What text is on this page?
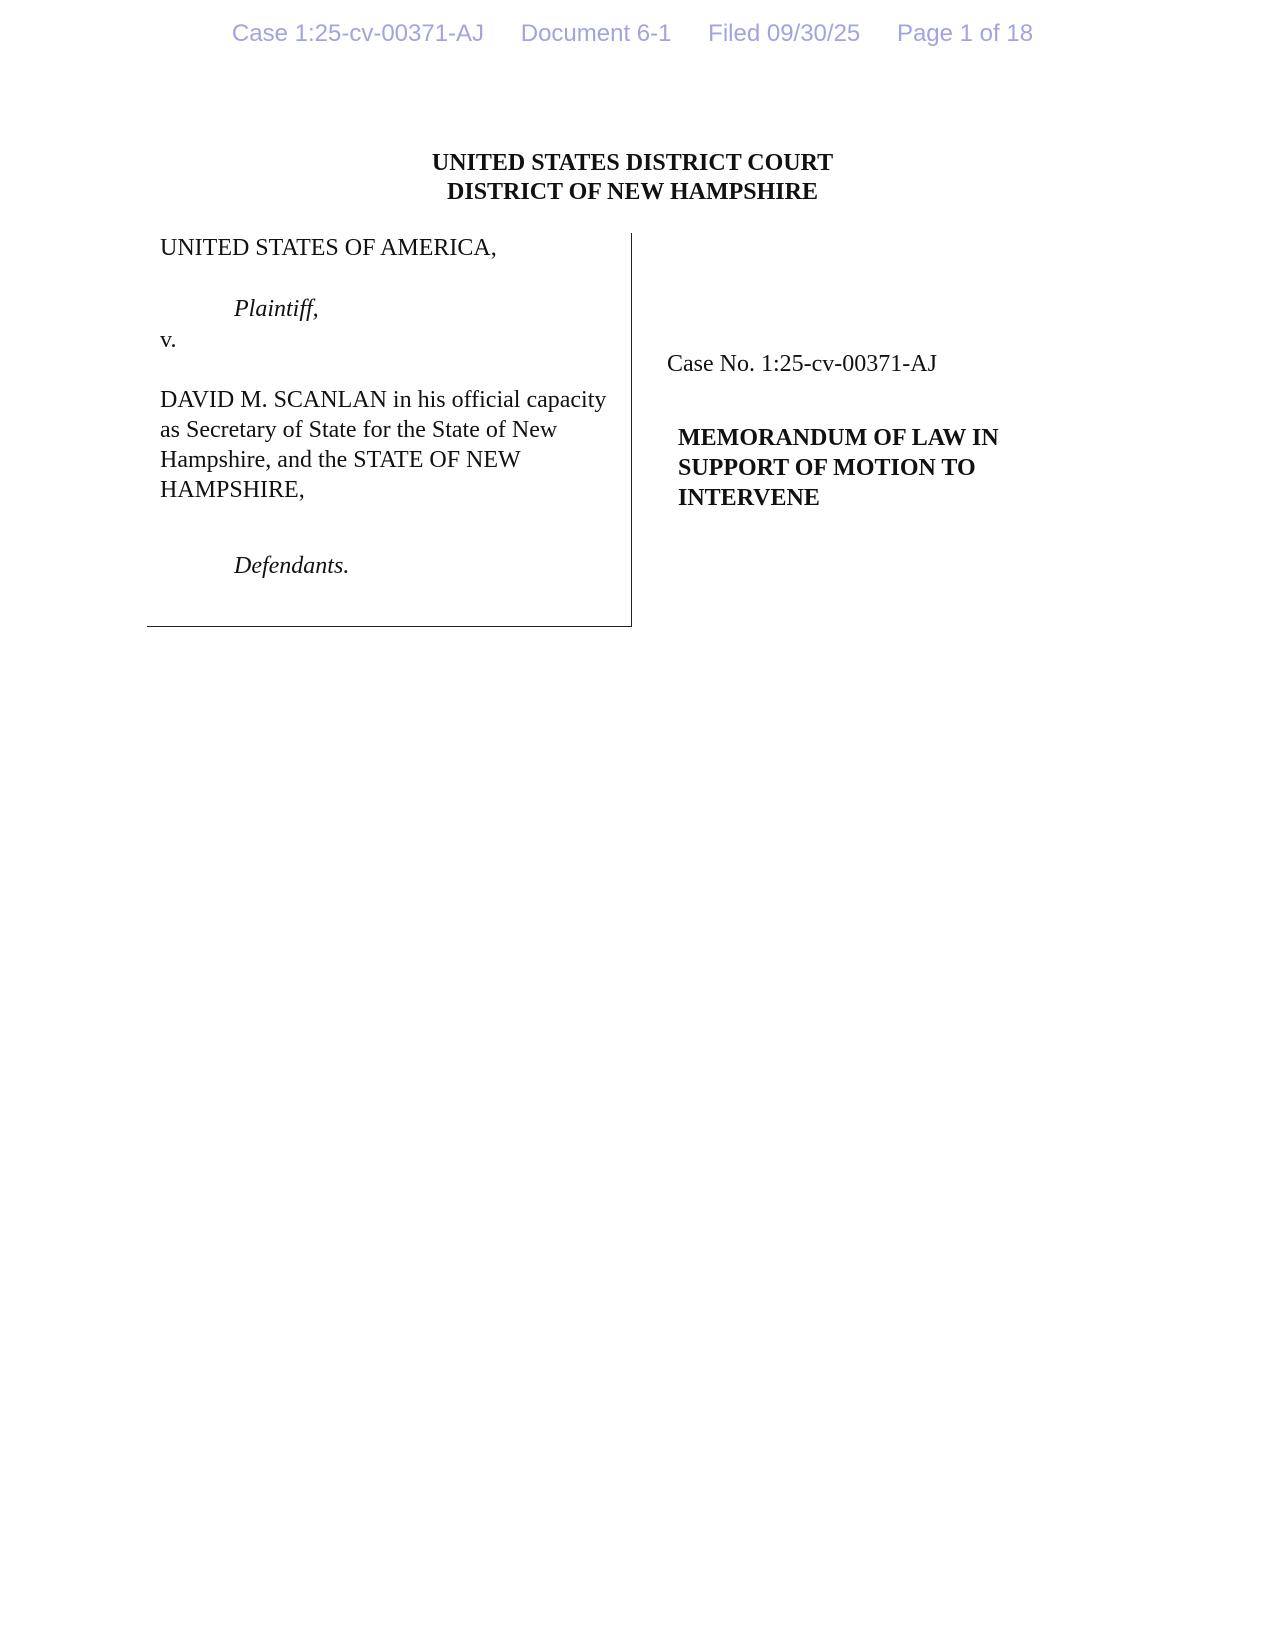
Case 1:25-cv-00371-AJ Document 6-1 Filed 09/30/25 Page 1 of 18
UNITED STATES DISTRICT COURT
DISTRICT OF NEW HAMPSHIRE
UNITED STATES OF AMERICA,
Plaintiff,
v.
DAVID M. SCANLAN in his official capacity as Secretary of State for the State of New Hampshire, and the STATE OF NEW HAMPSHIRE,
Defendants.
Case No. 1:25-cv-00371-AJ
MEMORANDUM OF LAW IN SUPPORT OF MOTION TO INTERVENE
